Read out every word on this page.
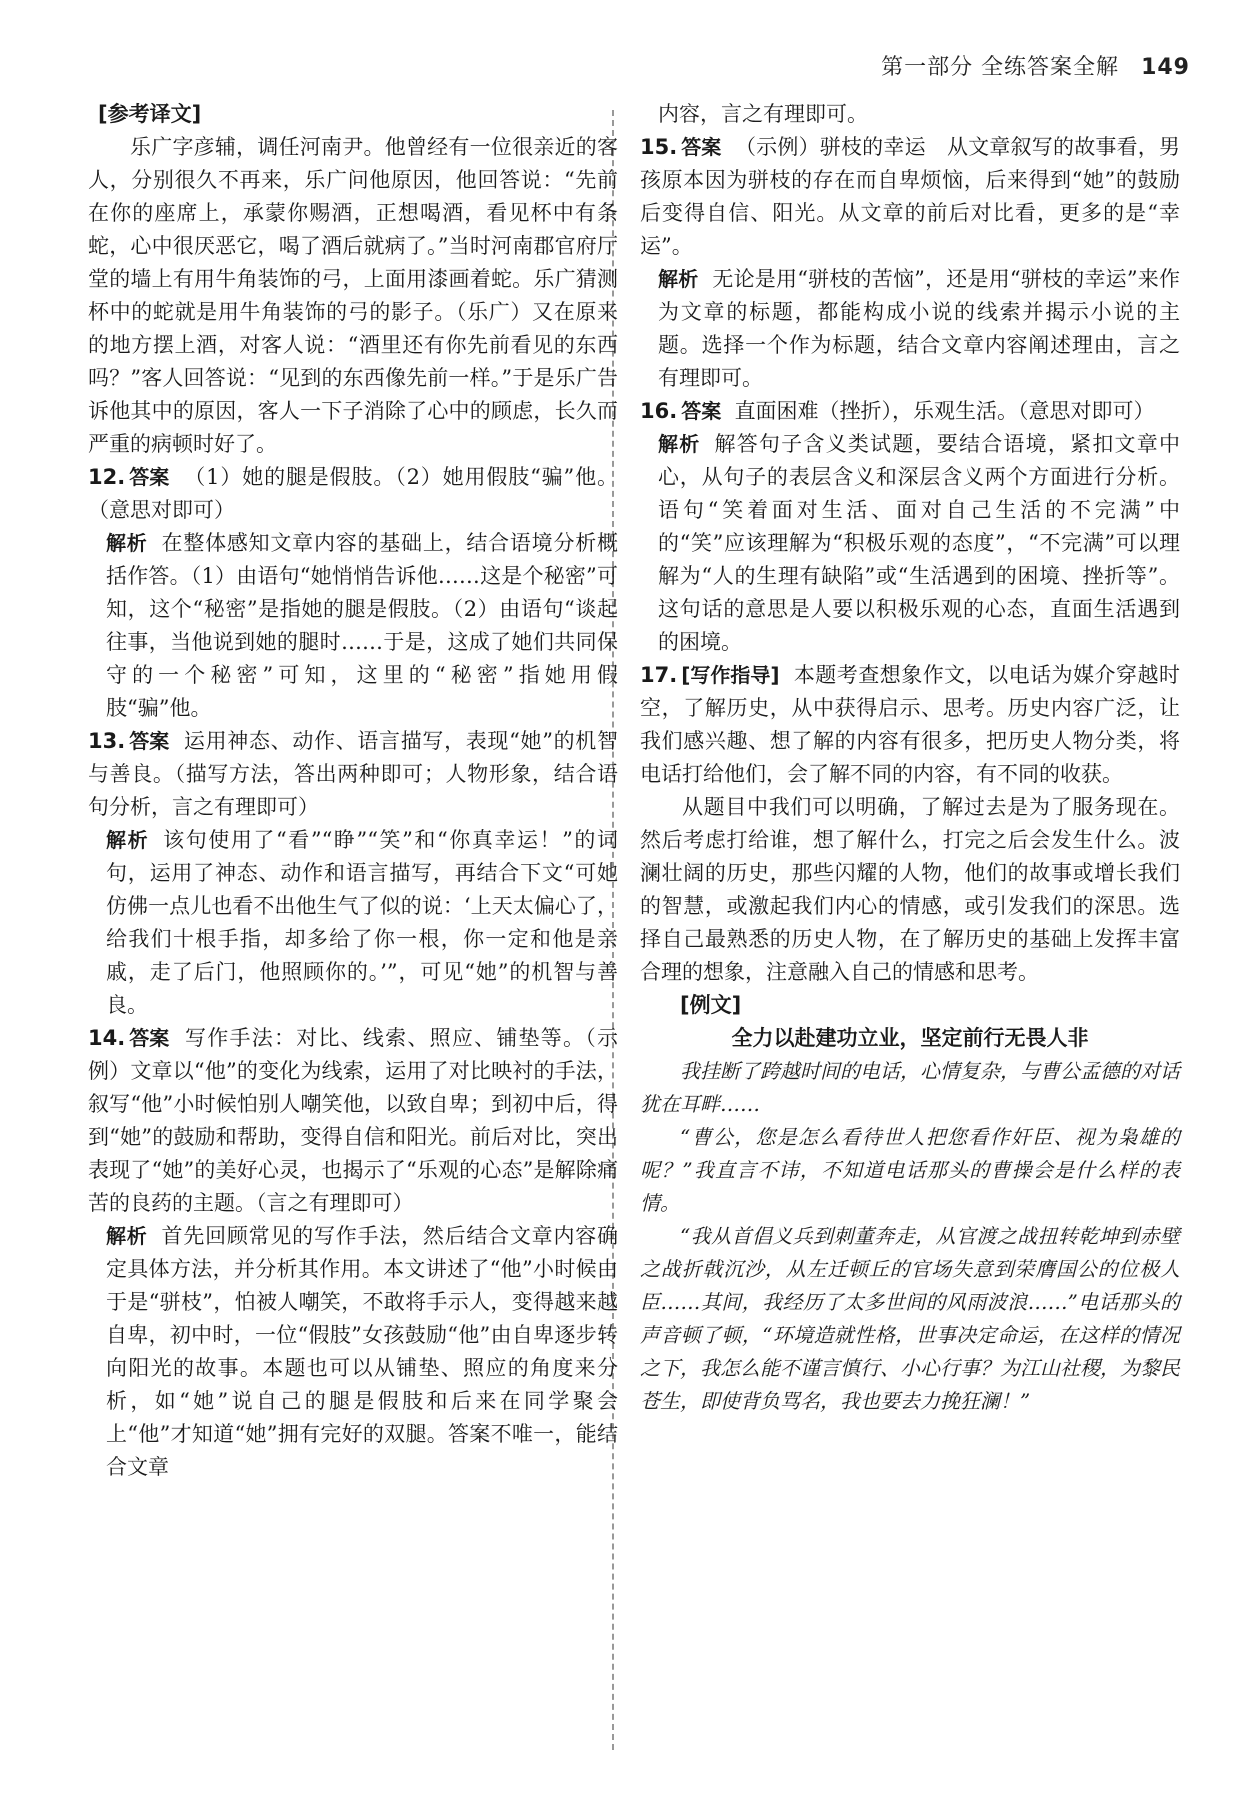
第一部分 全练答案全解 149
[参考译文]

乐广字彦辅，调任河南尹。他曾经有一位很亲近的客人，分别很久不再来，乐广问他原因，他回答说：“先前在你的座席上，承蒙你赐酒，正想喝酒，看见杯中有条蛇，心中很厌恶它，喝了酒后就病了。”当时河南郡官府厅堂的墙上有用牛角装饰的弓，上面用漆画着蛇。乐广猜测杯中的蛇就是用牛角装饰的弓的影子。（乐广）又在原来的地方摆上酒，对客人说：“酒里还有你先前看见的东西吗？”客人回答说：“见到的东西像先前一样。”于是乐广告诉他其中的原因，客人一下子消除了心中的顾虑，长久而严重的病顿时好了。

12. 答案 （1）她的腿是假肢。（2）她用假肢“骗”他。（意思对即可）

解析 在整体感知文章内容的基础上，结合语境分析概括作答。（1）由语句“她悄悄告诉他……这是个秘密”可知，这个“秘密”是指她的腿是假肢。（2）由语句“谈起往事，当他说到她的腿时……于是，这成了她们共同保守的一个秘密”可知，这里的“秘密”指她用假肢“骗”他。

13. 答案 运用神态、动作、语言描写，表现“她”的机智与善良。（描写方法，答出两种即可；人物形象，结合语句分析，言之有理即可）

解析 该句使用了“看”“睁”“笑”和“你真幸运！”的词句，运用了神态、动作和语言描写，再结合下文“可她仿佛一点儿也看不出他生气了似的说：‘上天太偏心了，给我们十根手指，却多给了你一根，你一定和他是亲戚，走了后门，他照顾你的。’”，可见“她”的机智与善良。

14. 答案 写作手法：对比、线索、照应、铺垫等。（示例）文章以“他”的变化为线索，运用了对比映衬的手法，叙写“他”小时候怕别人嘲笑他，以致自卑；到初中后，得到“她”的鼓励和帮助，变得自信和阳光。前后对比，突出表现了“她”的美好心灵，也揭示了“乐观的心态”是解除痛苦的良药的主题。（言之有理即可）

解析 首先回顾常见的写作手法，然后结合文章内容确定具体方法，并分析其作用。本文讲述了“他”小时候由于是“骈枝”，怕被人嘲笑，不敢将手示人，变得越来越自卑，初中时，一位“假肢”女孩鼓励“他”由自卑逐步转向阳光的故事。本题也可以从铺垫、照应的角度来分析，如“她”说自己的腿是假肢和后来在同学聚会上“他”才知道“她”拥有完好的双腿。答案不唯一，能结合文章

内容，言之有理即可。

15. 答案 （示例）骈枝的幸运　从文章叙写的故事看，男孩原本因为骈枝的存在而自卑烦恼，后来得到“她”的鼓励后变得自信、阳光。从文章的前后对比看，更多的是“幸运”。

解析 无论是用“骈枝的苦恼”，还是用“骈枝的幸运”来作为文章的标题，都能构成小说的线索并揭示小说的主题。选择一个作为标题，结合文章内容阐述理由，言之有理即可。

16. 答案 直面困难（挫折），乐观生活。（意思对即可）

解析 解答句子含义类试题，要结合语境，紧扣文章中心，从句子的表层含义和深层含义两个方面进行分析。语句“笑着面对生活、面对自己生活的不完满”中的“笑”应该理解为“积极乐观的态度”，“不完满”可以理解为“人的生理有缺陷”或“生活遇到的困境、挫折等”。这句话的意思是人要以积极乐观的心态，直面生活遇到的困境。

17. [写作指导] 本题考查想象作文，以电话为媒介穿越时空，了解历史，从中获得启示、思考。历史内容广泛，让我们感兴趣、想了解的内容有很多，把历史人物分类，将电话打给他们，会了解不同的内容，有不同的收获。

从题目中我们可以明确，了解过去是为了服务现在。然后考虑打给谁，想了解什么，打完之后会发生什么。波澜壮阔的历史，那些闪耀的人物，他们的故事或增长我们的智慧，或激起我们内心的情感，或引发我们的深思。选择自己最熟悉的历史人物，在了解历史的基础上发挥丰富合理的想象，注意融入自己的情感和思考。

[例文]

全力以赴建功立业，坚定前行无畏人非

我挂断了跨越时间的电话，心情复杂，与曹公孟德的对话犹在耳畔……

“曹公，您是怎么看待世人把您看作奸臣、视为枭雄的呢？”我直言不讳，不知道电话那头的曹操会是什么样的表情。

“我从首倡义兵到刺董奔走，从官渡之战扭转乾坤到赤壁之战折戟沉沙，从左迁顿丘的官场失意到荣膺国公的位极人臣……其间，我经历了太多世间的风雨波浪……”电话那头的声音顿了顿，“环境造就性格，世事决定命运，在这样的情况之下，我怎么能不谨言慎行、小心行事？为江山社稷，为黎民苍生，即使背负骂名，我也要去力挽狂澜！”
